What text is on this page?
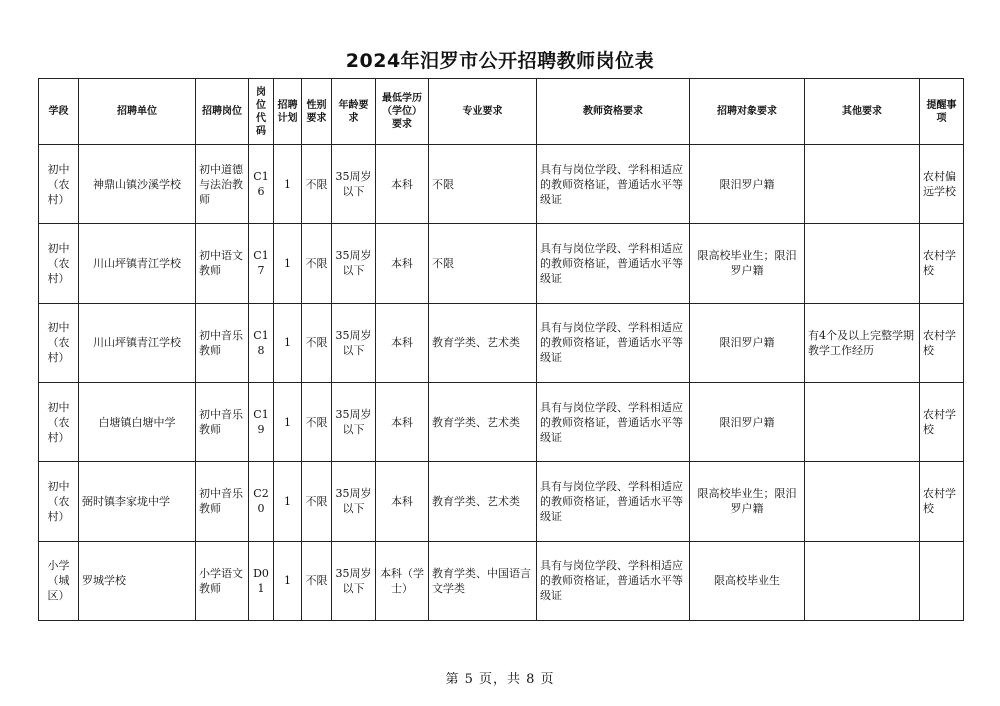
2024年汨罗市公开招聘教师岗位表
学段	招聘单位	招聘岗位	岗位代码	招聘计划	性别要求	年龄要求	最低学历（学位）要求	专业要求	教师资格要求	招聘对象要求	其他要求	提醒事项
初中（农村）	神鼎山镇沙溪学校	初中道德与法治教师	C16	1	不限	35周岁以下	本科	不限	具有与岗位学段、学科相适应的教师资格证，普通话水平等级证	限汨罗户籍		农村偏远学校
初中（农村）	川山坪镇青江学校	初中语文教师	C17	1	不限	35周岁以下	本科	不限	具有与岗位学段、学科相适应的教师资格证，普通话水平等级证	限高校毕业生；限汨罗户籍		农村学校
初中（农村）	川山坪镇青江学校	初中音乐教师	C18	1	不限	35周岁以下	本科	教育学类、艺术类	具有与岗位学段、学科相适应的教师资格证，普通话水平等级证	限汨罗户籍	有4个及以上完整学期教学工作经历	农村学校
初中（农村）	白塘镇白塘中学	初中音乐教师	C19	1	不限	35周岁以下	本科	教育学类、艺术类	具有与岗位学段、学科相适应的教师资格证，普通话水平等级证	限汨罗户籍		农村学校
初中（农村）	弼时镇李家垅中学	初中音乐教师	C20	1	不限	35周岁以下	本科	教育学类、艺术类	具有与岗位学段、学科相适应的教师资格证，普通话水平等级证	限高校毕业生；限汨罗户籍		农村学校
小学（城区）	罗城学校	小学语文教师	D01	1	不限	35周岁以下	本科（学士）	教育学类、中国语言文学类	具有与岗位学段、学科相适应的教师资格证，普通话水平等级证	限高校毕业生		
第 5 页，共 8 页
